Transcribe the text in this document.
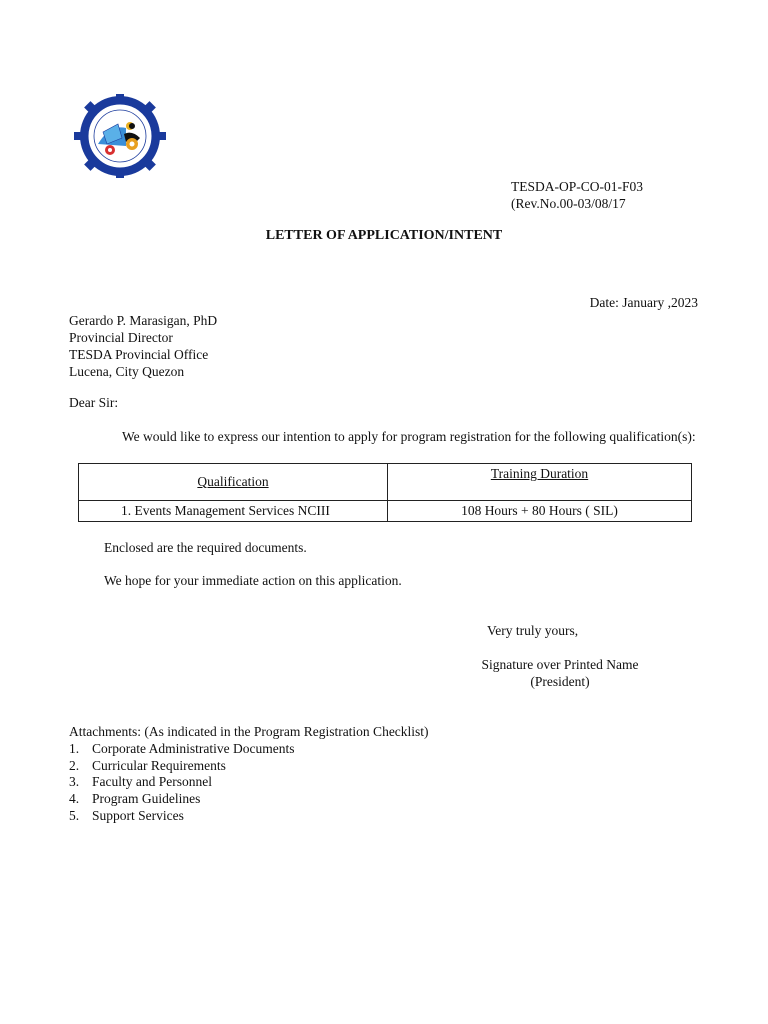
TESDA-OP-CO-01-F03
(Rev.No.00-03/08/17
LETTER OF APPLICATION/INTENT
Date: January ,2023
Gerardo P. Marasigan, PhD
Provincial Director
TESDA Provincial Office
Lucena, City Quezon
Dear Sir:
We would like to express our intention to apply for program registration for the following qualification(s):
Qualification	Training Duration
1. Events Management Services NCIII	108 Hours + 80 Hours ( SIL)
Enclosed are the required documents.
We hope for your immediate action on this application.
Very truly yours,
Signature over Printed Name
(President)
Attachments: (As indicated in the Program Registration Checklist)
1. Corporate Administrative Documents
2. Curricular Requirements
3. Faculty and Personnel
4. Program Guidelines
5. Support Services
